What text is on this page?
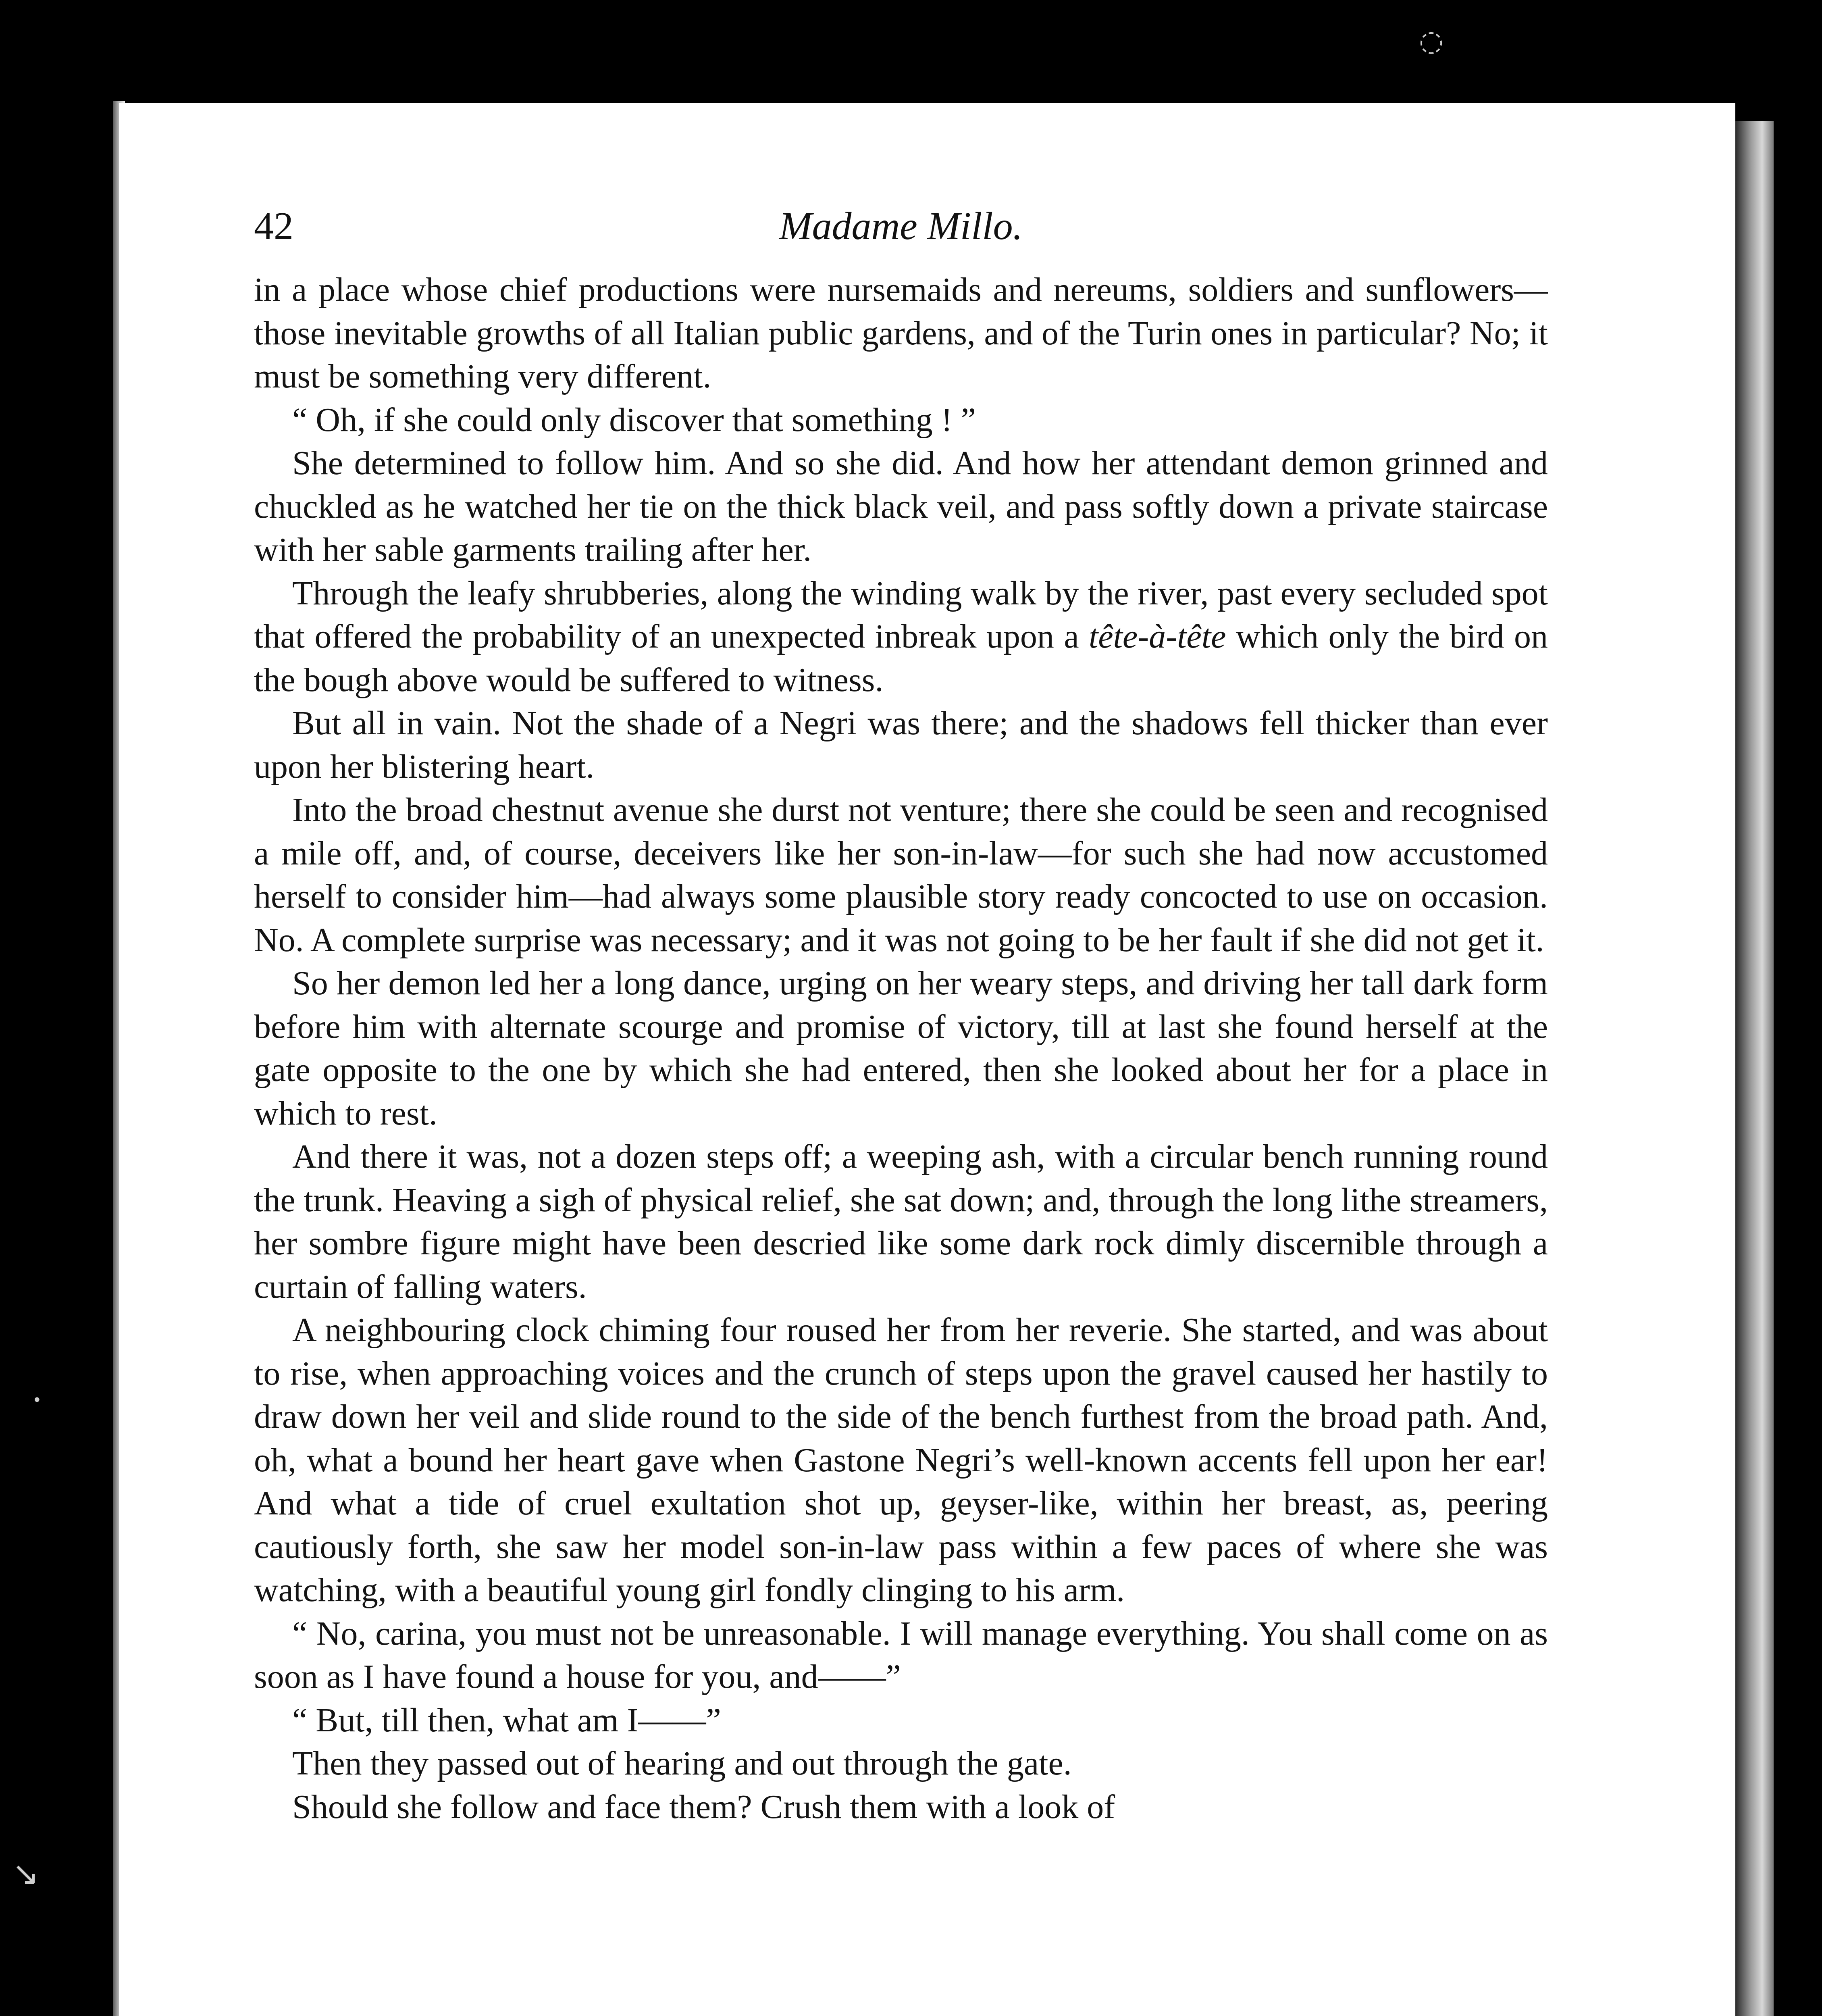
42	Madame Millo.

in a place whose chief productions were nursemaids and nereums, soldiers and sunflowers—those inevitable growths of all Italian public gardens, and of the Turin ones in particular? No; it must be something very different.

“ Oh, if she could only discover that something ! ”

She determined to follow him. And so she did. And how her attendant demon grinned and chuckled as he watched her tie on the thick black veil, and pass softly down a private staircase with her sable garments trailing after her.

Through the leafy shrubberies, along the winding walk by the river, past every secluded spot that offered the probability of an unexpected inbreak upon a tête-à-tête which only the bird on the bough above would be suffered to witness.

But all in vain. Not the shade of a Negri was there; and the shadows fell thicker than ever upon her blistering heart.

Into the broad chestnut avenue she durst not venture; there she could be seen and recognised a mile off, and, of course, deceivers like her son-in-law—for such she had now accustomed herself to consider him—had always some plausible story ready concocted to use on occasion. No. A complete surprise was necessary; and it was not going to be her fault if she did not get it.

So her demon led her a long dance, urging on her weary steps, and driving her tall dark form before him with alternate scourge and promise of victory, till at last she found herself at the gate opposite to the one by which she had entered, then she looked about her for a place in which to rest.

And there it was, not a dozen steps off; a weeping ash, with a circular bench running round the trunk. Heaving a sigh of physical relief, she sat down; and, through the long lithe streamers, her sombre figure might have been descried like some dark rock dimly discernible through a curtain of falling waters.

A neighbouring clock chiming four roused her from her reverie. She started, and was about to rise, when approaching voices and the crunch of steps upon the gravel caused her hastily to draw down her veil and slide round to the side of the bench furthest from the broad path. And, oh, what a bound her heart gave when Gastone Negri’s well-known accents fell upon her ear! And what a tide of cruel exultation shot up, geyser-like, within her breast, as, peering cautiously forth, she saw her model son-in-law pass within a few paces of where she was watching, with a beautiful young girl fondly clinging to his arm.

“ No, carina, you must not be unreasonable. I will manage everything. You shall come on as soon as I have found a house for you, and——”

“ But, till then, what am I——”

Then they passed out of hearing and out through the gate.

Should she follow and face them? Crush them with a look of

◌
↘
•
